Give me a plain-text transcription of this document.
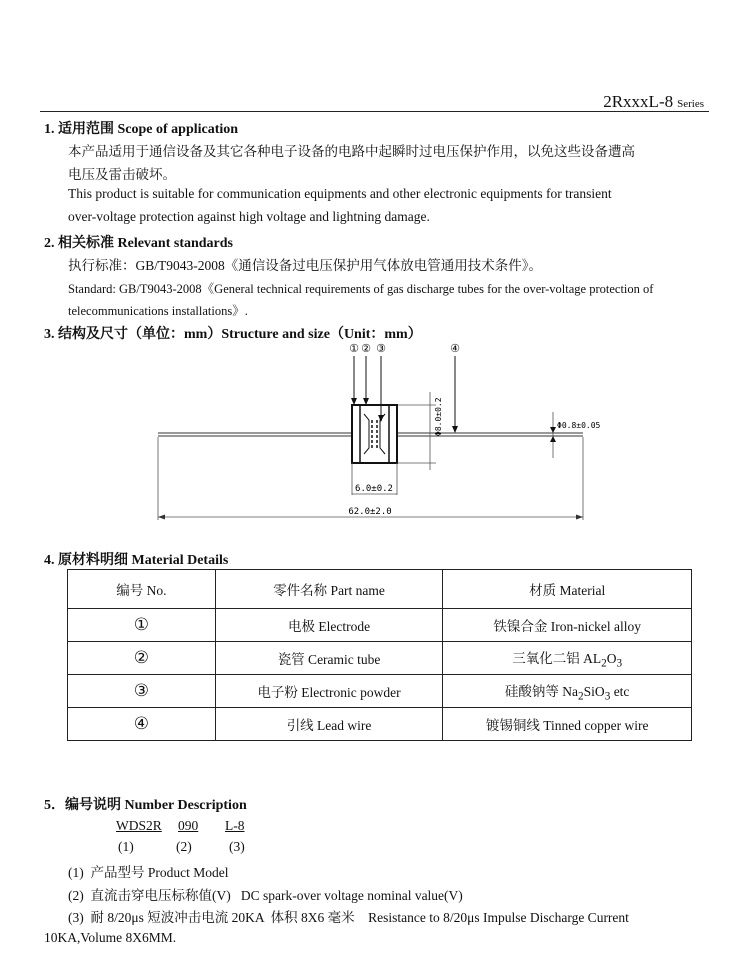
2RxxxL-8 Series
1. 适用范围 Scope of application
本产品适用于通信设备及其它各种电子设备的电路中起瞬时过电压保护作用，以免这些设备遭高
电压及雷击破坏。
This product is suitable for communication equipments and other electronic equipments for transient
over-voltage protection against high voltage and lightning damage.
2. 相关标准 Relevant standards
执行标准：GB/T9043-2008《通信设备过电压保护用气体放电管通用技术条件》。
Standard: GB/T9043-2008《General technical requirements of gas discharge tubes for the over-voltage protection of
telecommunications installations》.
3. 结构及尺寸（单位：mm）Structure and size（Unit：mm）
① ② ③	④
Φ8.0±0.2	Φ0.8±0.05
6.0±0.2
62.0±2.0
4. 原材料明细 Material Details
编号 No.	零件名称 Part name	材质 Material
①	电极 Electrode	铁镍合金 Iron-nickel alloy
②	瓷管 Ceramic tube	三氧化二铝 $AL_2O_3$
③	电子粉 Electronic powder	硅酸钠等 $Na_2SiO_3$ etc
④	引线 Lead wire	镀锡铜线 Tinned copper wire
5．编号说明 Number Description
WDS2R 090 L-8
(1)	(2)	(3)
(1)  产品型号 Product Model
(2)  直流击穿电压标称值(V)   DC spark-over voltage nominal value(V)
(3)  耐 8/20μs 短波冲击电流 20KA  体积 8X6 毫米    Resistance to 8/20μs Impulse Discharge Current
10KA,Volume 8X6MM.
